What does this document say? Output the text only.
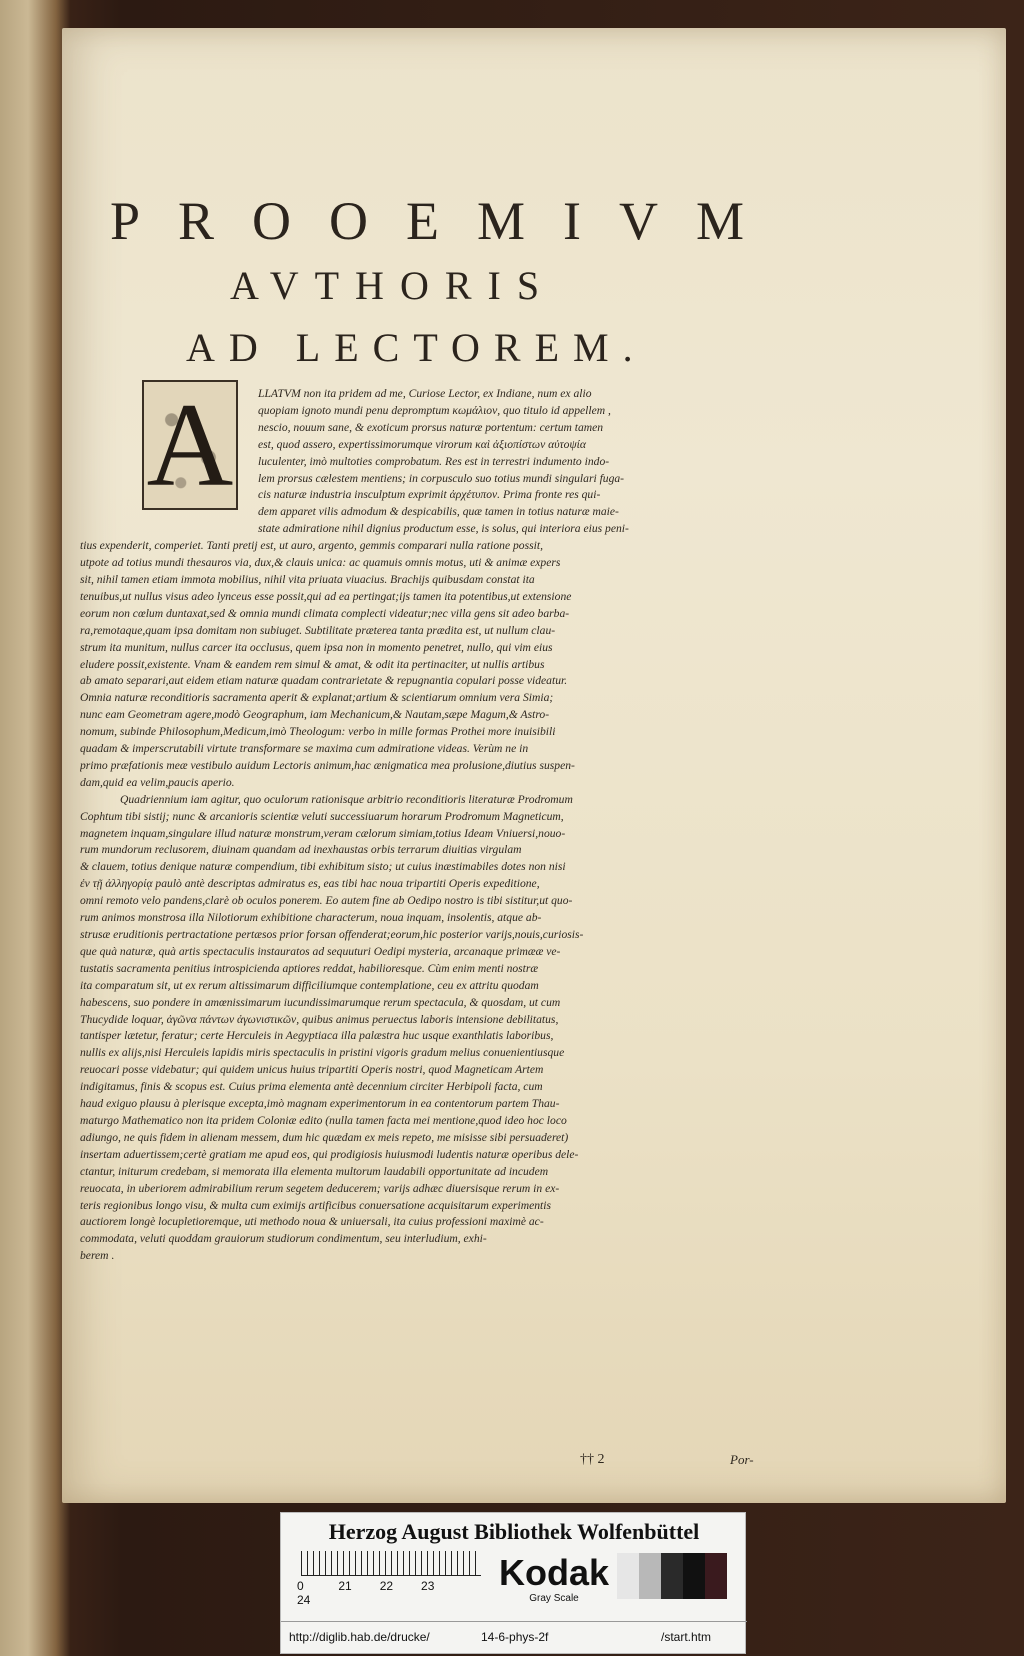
PROOEMIVM
AVTHORIS
AD LECTOREM.
A	LLATVM non ita pridem ad me, Curiose Lector, ex Indiane, num ex alio
quopiam ignoto mundi penu depromptum κωμάλιον, quo titulo id appellem ,
nescio, nouum sane, & exoticum prorsus naturæ portentum: certum tamen
est, quod assero, expertissimorumque virorum καὶ ἀξιοπίστων αὐτοψία
luculenter, imò multoties comprobatum. Res est in terrestri indumento indo-
lem prorsus cælestem mentiens; in corpusculo suo totius mundi singulari fuga-
cis naturæ industria insculptum exprimit ἀρχέτυπον. Prima fronte res qui-
dem apparet vilis admodum & despicabilis, quæ tamen in totius naturæ maie-
state admiratione nihil dignius productum esse, is solus, qui interiora eius peni-
tius expenderit, comperiet. Tanti pretij est, ut auro, argento, gemmis comparari nulla ratione possit,
utpote ad totius mundi thesauros via, dux,& clauis unica: ac quamuis omnis motus, uti & animæ expers
sit, nihil tamen etiam immota mobilius, nihil vita priuata viuacius. Brachijs quibusdam constat ita
tenuibus,ut nullus visus adeo lynceus esse possit,qui ad ea pertingat;ijs tamen ita potentibus,ut extensione
eorum non cœlum duntaxat,sed & omnia mundi climata complecti videatur;nec villa gens sit adeo barba-
ra,remotaque,quam ipsa domitam non subiuget. Subtilitate præterea tanta prædita est, ut nullum clau-
strum ita munitum, nullus carcer ita occlusus, quem ipsa non in momento penetret, nullo, qui vim eius
eludere possit,existente. Vnam & eandem rem simul & amat, & odit ita pertinaciter, ut nullis artibus
ab amato separari,aut eidem etiam naturæ quadam contrarietate & repugnantia copulari posse videatur.
Omnia naturæ reconditioris sacramenta aperit & explanat;artium & scientiarum omnium vera Simia;
nunc eam Geometram agere,modò Geographum, iam Mechanicum,& Nautam,sæpe Magum,& Astro-
nomum, subinde Philosophum,Medicum,imò Theologum: verbo in mille formas Prothei more inuisibili
quadam & imperscrutabili virtute transformare se maxima cum admiratione videas. Verùm ne in
primo præfationis meæ vestibulo auidum Lectoris animum,hac ænigmatica mea prolusione,diutius suspen-
dam,quid ea velim,paucis aperio.
Quadriennium iam agitur, quo oculorum rationisque arbitrio reconditioris literaturæ Prodromum
Cophtum tibi sistij; nunc & arcanioris scientiæ veluti successiuarum horarum Prodromum Magneticum,
magnetem inquam,singulare illud naturæ monstrum,veram cælorum simiam,totius Ideam Vniuersi,nouo-
rum mundorum reclusorem, diuinam quandam ad inexhaustas orbis terrarum diuitias virgulam
& clauem, totius denique naturæ compendium, tibi exhibitum sisto; ut cuius inæstimabiles dotes non nisi
ἐν τῇ ἀλληγορίᾳ paulò antè descriptas admiratus es, eas tibi hac noua tripartiti Operis expeditione,
omni remoto velo pandens,clarè ob oculos ponerem. Eo autem fine ab Oedipo nostro is tibi sistitur,ut quo-
rum animos monstrosa illa Nilotiorum exhibitione characterum, noua inquam, insolentis, atque ab-
strusæ eruditionis pertractatione pertæsos prior forsan offenderat;eorum,hic posterior varijs,nouis,curiosis-
que quà naturæ, quà artis spectaculis instauratos ad sequuturi Oedipi mysteria, arcanaque primææ ve-
tustatis sacramenta penitius introspicienda aptiores reddat, habilioresque. Cùm enim menti nostræ
ita comparatum sit, ut ex rerum altissimarum difficiliumque contemplatione, ceu ex attritu quodam
habescens, suo pondere in amœnissimarum iucundissimarumque rerum spectacula, & quosdam, ut cum
Thucydide loquar, ἀγῶνα πάντων ἀγωνιστικῶν, quibus animus peruectus laboris intensione debilitatus,
tantisper lætetur, feratur; certe Herculeis in Aegyptiaca illa palæstra huc usque exanthlatis laboribus,
nullis ex alijs,nisi Herculeis lapidis miris spectaculis in pristini vigoris gradum melius conuenientiusque
reuocari posse videbatur; qui quidem unicus huius tripartiti Operis nostri, quod Magneticam Artem
indigitamus, finis & scopus est. Cuius prima elementa antè decennium circiter Herbipoli facta, cum
haud exiguo plausu à plerisque excepta,imò magnam experimentorum in ea contentorum partem Thau-
maturgo Mathematico non ita pridem Coloniæ edito (nulla tamen facta mei mentione,quod ideo hoc loco
adiungo, ne quis fidem in alienam messem, dum hic quædam ex meis repeto, me misisse sibi persuaderet)
insertam aduertissem;certè gratiam me apud eos, qui prodigiosis huiusmodi ludentis naturæ operibus dele-
ctantur, initurum credebam, si memorata illa elementa multorum laudabili opportunitate ad incudem
reuocata, in uberiorem admirabilium rerum segetem deducerem; varijs adhæc diuersisque rerum in ex-
teris regionibus longo visu, & multa cum eximijs artificibus conuersatione acquisitarum experimentis
auctiorem longè locupletioremque, uti methodo noua & uniuersali, ita cuius professioni maximè ac-
commodata, veluti quoddam grauiorum studiorum condimentum, seu interludium, exhi-
berem .
†† 2	Por-
Herzog August Bibliothek Wolfenbüttel
0	21 22 23 24
Kodak
Gray Scale
http://diglib.hab.de/drucke/	14-6-phys-2f	/start.htm
